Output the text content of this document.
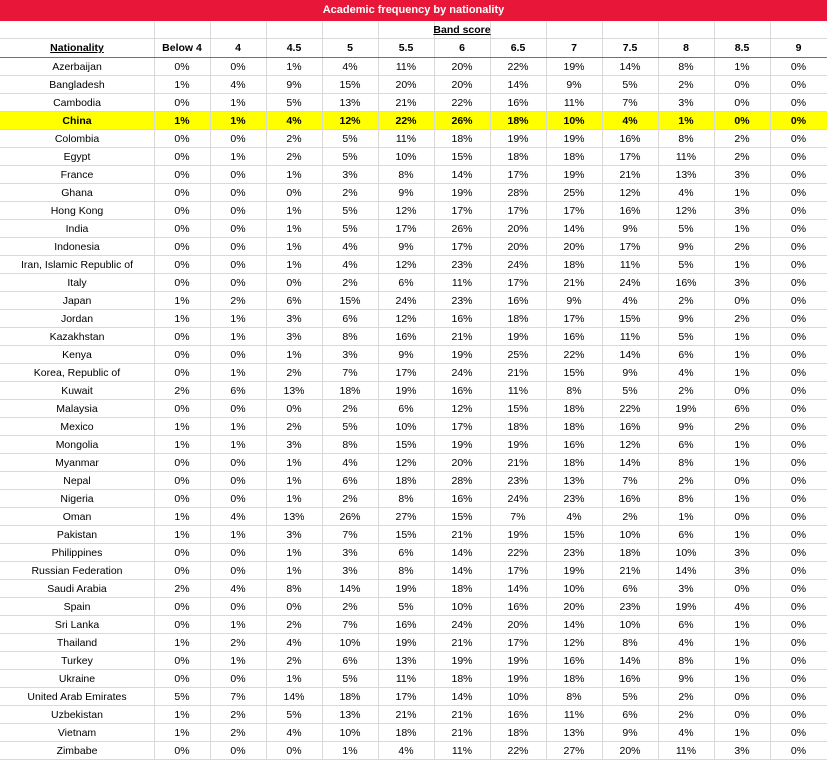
Academic frequency by nationality
Band score
Nationality	Below 4	4	4.5	5	5.5	6	6.5	7	7.5	8	8.5	9
Azerbaijan	0%	0%	1%	4%	11%	20%	22%	19%	14%	8%	1%	0%
Bangladesh	1%	4%	9%	15%	20%	20%	14%	9%	5%	2%	0%	0%
Cambodia	0%	1%	5%	13%	21%	22%	16%	11%	7%	3%	0%	0%
China	1%	1%	4%	12%	22%	26%	18%	10%	4%	1%	0%	0%
Colombia	0%	0%	2%	5%	11%	18%	19%	19%	16%	8%	2%	0%
Egypt	0%	1%	2%	5%	10%	15%	18%	18%	17%	11%	2%	0%
France	0%	0%	1%	3%	8%	14%	17%	19%	21%	13%	3%	0%
Ghana	0%	0%	0%	2%	9%	19%	28%	25%	12%	4%	1%	0%
Hong Kong	0%	0%	1%	5%	12%	17%	17%	17%	16%	12%	3%	0%
India	0%	0%	1%	5%	17%	26%	20%	14%	9%	5%	1%	0%
Indonesia	0%	0%	1%	4%	9%	17%	20%	20%	17%	9%	2%	0%
Iran, Islamic Republic of	0%	0%	1%	4%	12%	23%	24%	18%	11%	5%	1%	0%
Italy	0%	0%	0%	2%	6%	11%	17%	21%	24%	16%	3%	0%
Japan	1%	2%	6%	15%	24%	23%	16%	9%	4%	2%	0%	0%
Jordan	1%	1%	3%	6%	12%	16%	18%	17%	15%	9%	2%	0%
Kazakhstan	0%	1%	3%	8%	16%	21%	19%	16%	11%	5%	1%	0%
Kenya	0%	0%	1%	3%	9%	19%	25%	22%	14%	6%	1%	0%
Korea, Republic of	0%	1%	2%	7%	17%	24%	21%	15%	9%	4%	1%	0%
Kuwait	2%	6%	13%	18%	19%	16%	11%	8%	5%	2%	0%	0%
Malaysia	0%	0%	0%	2%	6%	12%	15%	18%	22%	19%	6%	0%
Mexico	1%	1%	2%	5%	10%	17%	18%	18%	16%	9%	2%	0%
Mongolia	1%	1%	3%	8%	15%	19%	19%	16%	12%	6%	1%	0%
Myanmar	0%	0%	1%	4%	12%	20%	21%	18%	14%	8%	1%	0%
Nepal	0%	0%	1%	6%	18%	28%	23%	13%	7%	2%	0%	0%
Nigeria	0%	0%	1%	2%	8%	16%	24%	23%	16%	8%	1%	0%
Oman	1%	4%	13%	26%	27%	15%	7%	4%	2%	1%	0%	0%
Pakistan	1%	1%	3%	7%	15%	21%	19%	15%	10%	6%	1%	0%
Philippines	0%	0%	1%	3%	6%	14%	22%	23%	18%	10%	3%	0%
Russian Federation	0%	0%	1%	3%	8%	14%	17%	19%	21%	14%	3%	0%
Saudi Arabia	2%	4%	8%	14%	19%	18%	14%	10%	6%	3%	0%	0%
Spain	0%	0%	0%	2%	5%	10%	16%	20%	23%	19%	4%	0%
Sri Lanka	0%	1%	2%	7%	16%	24%	20%	14%	10%	6%	1%	0%
Thailand	1%	2%	4%	10%	19%	21%	17%	12%	8%	4%	1%	0%
Turkey	0%	1%	2%	6%	13%	19%	19%	16%	14%	8%	1%	0%
Ukraine	0%	0%	1%	5%	11%	18%	19%	18%	16%	9%	1%	0%
United Arab Emirates	5%	7%	14%	18%	17%	14%	10%	8%	5%	2%	0%	0%
Uzbekistan	1%	2%	5%	13%	21%	21%	16%	11%	6%	2%	0%	0%
Vietnam	1%	2%	4%	10%	18%	21%	18%	13%	9%	4%	1%	0%
Zimbabe	0%	0%	0%	1%	4%	11%	22%	27%	20%	11%	3%	0%
